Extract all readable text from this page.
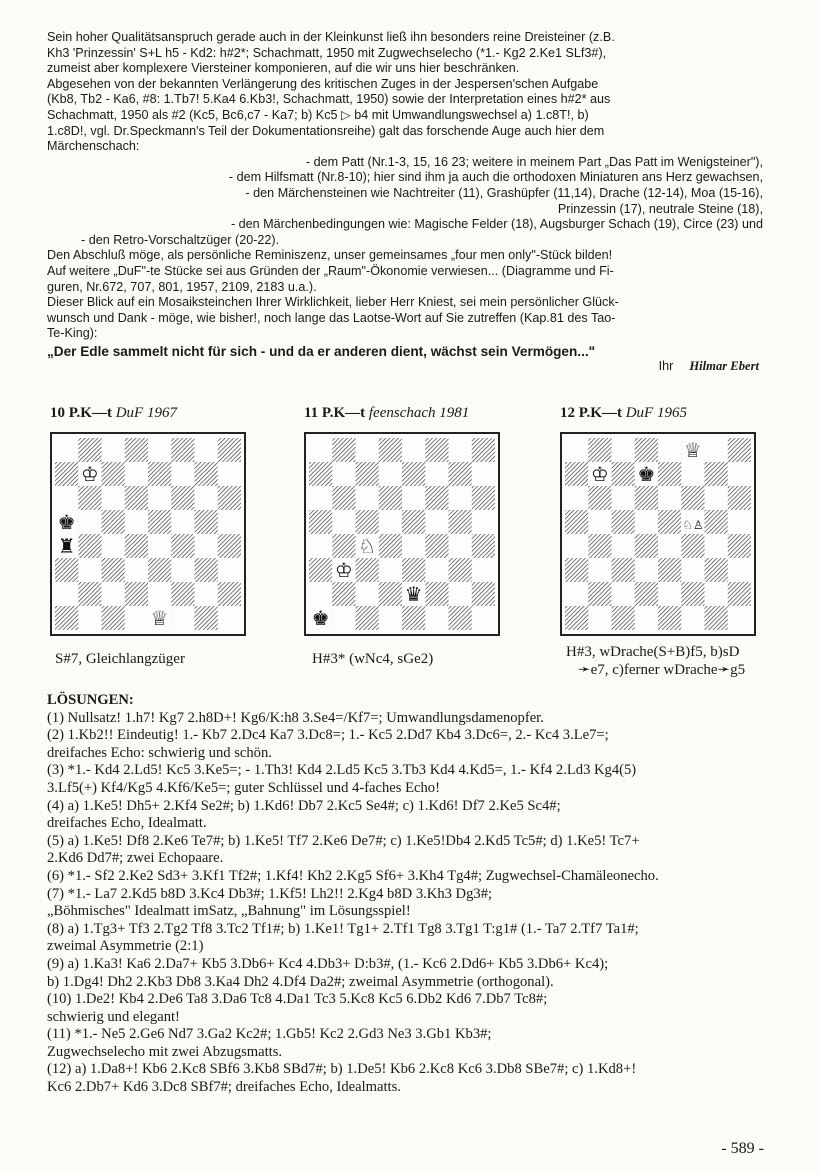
Sein hoher Qualitätsanspruch gerade auch in der Kleinkunst ließ ihn besonders reine Dreisteiner (z.B.

Kh3 'Prinzessin' S+L h5 - Kd2: h#2*; Schachmatt, 1950 mit Zugwechselecho (*1.- Kg2 2.Ke1 SLf3#),

zumeist aber komplexere Viersteiner komponieren, auf die wir uns hier beschränken.

Abgesehen von der bekannten Verlängerung des kritischen Zuges in der Jespersen'schen Aufgabe

(Kb8, Tb2 - Ka6, #8: 1.Tb7! 5.Ka4 6.Kb3!, Schachmatt, 1950) sowie der Interpretation eines h#2* aus

Schachmatt, 1950 als #2 (Kc5, Bc6,c7 - Ka7; b) Kc5 ▷ b4 mit Umwandlungswechsel a) 1.c8T!, b)

1.c8D!, vgl. Dr.Speckmann's Teil der Dokumentationsreihe) galt das forschende Auge auch hier dem

Märchenschach:

- dem Patt (Nr.1-3, 15, 16 23; weitere in meinem Part „Das Patt im Wenigsteiner"),

- dem Hilfsmatt (Nr.8-10); hier sind ihm ja auch die orthodoxen Miniaturen ans Herz gewachsen,

- den Märchensteinen wie Nachtreiter (11), Grashüpfer (11,14), Drache (12-14), Moa (15-16),

Prinzessin (17), neutrale Steine (18),

- den Märchenbedingungen wie: Magische Felder (18), Augsburger Schach (19), Circe (23) und

- den Retro-Vorschaltzüger (20-22).

Den Abschluß möge, als persönliche Reminiszenz, unser gemeinsames „four men only"-Stück bilden!

Auf weitere „DuF"-te Stücke sei aus Gründen der „Raum"-Ökonomie verwiesen... (Diagramme und Fi-

guren, Nr.672, 707, 801, 1957, 2109, 2183 u.a.).

Dieser Blick auf ein Mosaiksteinchen Ihrer Wirklichkeit, lieber Herr Kniest, sei mein persönlicher Glück-

wunsch und Dank - möge, wie bisher!, noch lange das Laotse-Wort auf Sie zutreffen (Kap.81 des Tao-

Te-King):

„Der Edle sammelt nicht für sich - und da er anderen dient, wächst sein Vermögen..."

Ihr Hilmar Ebert

10 P.K—t DuF 1967
♔
♚
♜
♕
S#7, Gleichlangzüger
11 P.K—t feenschach 1981
♘
♔
♛
♚
H#3* (wNc4, sGe2)
12 P.K—t DuF 1965
♕
♔ ♚
♘♙
H#3, wDrache(S+B)f5, b)sD
➛e7, c)ferner wDrache➛g5

LÖSUNGEN:

(1) Nullsatz! 1.h7! Kg7 2.h8D+! Kg6/K:h8 3.Se4=/Kf7=; Umwandlungsdamenopfer.

(2) 1.Kb2!! Eindeutig! 1.- Kb7 2.Dc4 Ka7 3.Dc8=; 1.- Kc5 2.Dd7 Kb4 3.Dc6=, 2.- Kc4 3.Le7=;

dreifaches Echo: schwierig und schön.

(3) *1.- Kd4 2.Ld5! Kc5 3.Ke5=; - 1.Th3! Kd4 2.Ld5 Kc5 3.Tb3 Kd4 4.Kd5=, 1.- Kf4 2.Ld3 Kg4(5)

3.Lf5(+) Kf4/Kg5 4.Kf6/Ke5=; guter Schlüssel und 4-faches Echo!

(4) a) 1.Ke5! Dh5+ 2.Kf4 Se2#; b) 1.Kd6! Db7 2.Kc5 Se4#; c) 1.Kd6! Df7 2.Ke5 Sc4#;

dreifaches Echo, Idealmatt.

(5) a) 1.Ke5! Df8 2.Ke6 Te7#; b) 1.Ke5! Tf7 2.Ke6 De7#; c) 1.Ke5!Db4 2.Kd5 Tc5#; d) 1.Ke5! Tc7+

2.Kd6 Dd7#; zwei Echopaare.

(6) *1.- Sf2 2.Ke2 Sd3+ 3.Kf1 Tf2#; 1.Kf4! Kh2 2.Kg5 Sf6+ 3.Kh4 Tg4#; Zugwechsel-Chamäleonecho.

(7) *1.- La7 2.Kd5 b8D 3.Kc4 Db3#; 1.Kf5! Lh2!! 2.Kg4 b8D 3.Kh3 Dg3#;

„Böhmisches" Idealmatt imSatz, „Bahnung" im Lösungsspiel!

(8) a) 1.Tg3+ Tf3 2.Tg2 Tf8 3.Tc2 Tf1#; b) 1.Ke1! Tg1+ 2.Tf1 Tg8 3.Tg1 T:g1# (1.- Ta7 2.Tf7 Ta1#;

zweimal Asymmetrie (2:1)

(9) a) 1.Ka3! Ka6 2.Da7+ Kb5 3.Db6+ Kc4 4.Db3+ D:b3#, (1.- Kc6 2.Dd6+ Kb5 3.Db6+ Kc4);

b) 1.Dg4! Dh2 2.Kb3 Db8 3.Ka4 Dh2 4.Df4 Da2#; zweimal Asymmetrie (orthogonal).

(10) 1.De2! Kb4 2.De6 Ta8 3.Da6 Tc8 4.Da1 Tc3 5.Kc8 Kc5 6.Db2 Kd6 7.Db7 Tc8#;

schwierig und elegant!

(11) *1.- Ne5 2.Ge6 Nd7 3.Ga2 Kc2#; 1.Gb5! Kc2 2.Gd3 Ne3 3.Gb1 Kb3#;

Zugwechselecho mit zwei Abzugsmatts.

(12) a) 1.Da8+! Kb6 2.Kc8 SBf6 3.Kb8 SBd7#; b) 1.De5! Kb6 2.Kc8 Kc6 3.Db8 SBe7#; c) 1.Kd8+!

Kc6 2.Db7+ Kd6 3.Dc8 SBf7#; dreifaches Echo, Idealmatts.

- 589 -
